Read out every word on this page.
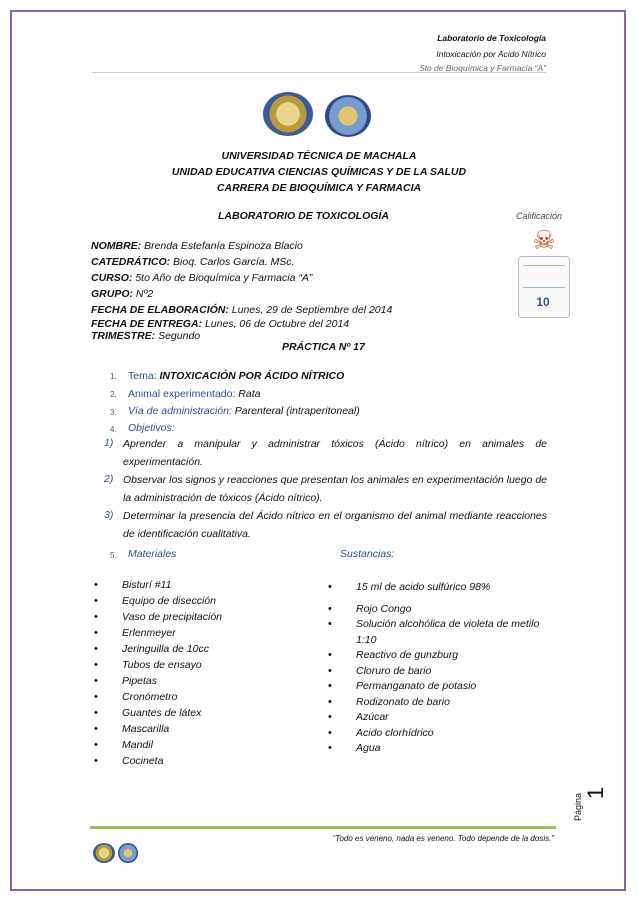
Laboratorio de Toxicología
Intoxicación por Acido Nítrico
5to de Bioquímica y Farmacia “A”
UNIVERSIDAD TÉCNICA DE MACHALA
UNIDAD EDUCATIVA CIENCIAS QUÍMICAS Y DE LA SALUD
CARRERA DE BIOQUÍMICA Y FARMACIA
LABORATORIO DE TOXICOLOGÍA	Calificación
☠
10
NOMBRE: Brenda Estefanía Espinoza Blacio
CATEDRÁTICO: Bioq. Carlos García. MSc.
CURSO: 5to Año de Bioquímica y Farmacia “A”
GRUPO: Nº2
FECHA DE ELABORACIÓN: Lunes, 29 de Septiembre del 2014
FECHA DE ENTREGA: Lunes, 06 de Octubre del 2014
TRIMESTRE: Segundo
PRÁCTICA Nº 17
1. Tema: INTOXICACIÓN POR ÁCIDO NÍTRICO
2. Animal experimentado: Rata
3. Vía de administración: Parenteral (intraperitoneal)
4. Objetivos:
1) Aprender a manipular y administrar tóxicos (Ácido nítrico) en animales de experimentación.
2) Observar los signos y reacciones que presentan los animales en experimentación luego de la administración de tóxicos (Ácido nítrico).
3) Determinar la presencia del Ácido nítrico en el organismo del animal mediante reacciones de identificación cualitativa.
5. Materiales	Sustancias:
• Bisturí #11
• Equipo de disección
• Vaso de precipitación
• Erlenmeyer
• Jeringuilla de 10cc
• Tubos de ensayo
• Pipetas
• Cronómetro
• Guantes de látex
• Mascarilla
• Mandil
• Cocineta
• 15 ml de acido sulfúrico 98%
• Rojo Congo
• Solución alcohólica de violeta de metilo 1:10
• Reactivo de gunzburg
• Cloruro de bario
• Permanganato de potasio
• Rodizonato de bario
• Azúcar
• Acido clorhídrico
• Agua
Página 1
“Todo es veneno, nada es veneno. Todo depende de la dosis.”
